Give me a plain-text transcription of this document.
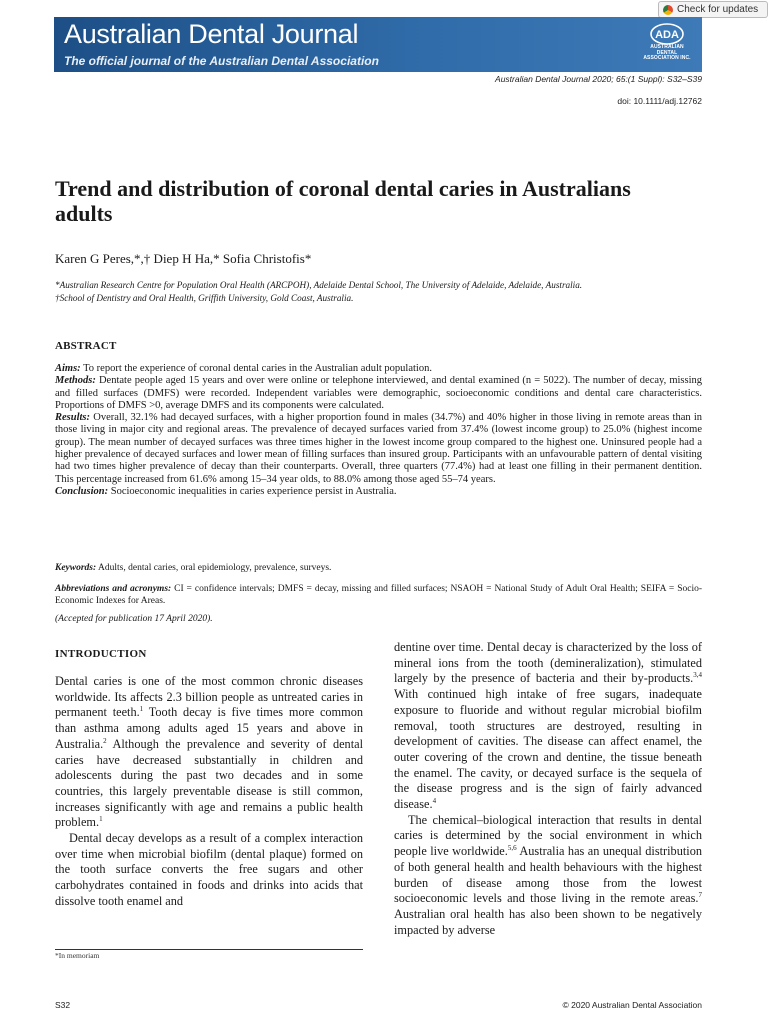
Check for updates
Australian Dental Journal
The official journal of the Australian Dental Association
ADA
AUSTRALIAN DENTAL
ASSOCIATION INC.
Australian Dental Journal 2020; 65:(1 Suppl): S32–S39
doi: 10.1111/adj.12762
Trend and distribution of coronal dental caries in Australians adults
Karen G Peres,*,† Diep H Ha,* Sofia Christofis*
*Australian Research Centre for Population Oral Health (ARCPOH), Adelaide Dental School, The University of Adelaide, Adelaide, Australia.
†School of Dentistry and Oral Health, Griffith University, Gold Coast, Australia.
ABSTRACT

Aims: To report the experience of coronal dental caries in the Australian adult population.

Methods: Dentate people aged 15 years and over were online or telephone interviewed, and dental examined (n = 5022). The number of decay, missing and filled surfaces (DMFS) were recorded. Independent variables were demographic, socioeconomic conditions and dental care characteristics. Proportions of DMFS >0, average DMFS and its components were calculated.

Results: Overall, 32.1% had decayed surfaces, with a higher proportion found in males (34.7%) and 40% higher in those living in remote areas than in those living in major city and regional areas. The prevalence of decayed surfaces varied from 37.4% (lowest income group) to 25.0% (highest income group). The mean number of decayed surfaces was three times higher in the lowest income group compared to the highest one. Uninsured people had a higher prevalence of decayed surfaces and lower mean of filling surfaces than insured group. Participants with an unfavourable pattern of dental visiting had two times higher prevalence of decay than their counterparts. Overall, three quarters (77.4%) had at least one filling in their permanent dentition. This percentage increased from 61.6% among 15–34 year olds, to 88.0% among those aged 55–74 years.

Conclusion: Socioeconomic inequalities in caries experience persist in Australia.

Keywords: Adults, dental caries, oral epidemiology, prevalence, surveys.
Abbreviations and acronyms: CI = confidence intervals; DMFS = decay, missing and filled surfaces; NSAOH = National Study of Adult Oral Health; SEIFA = Socio-Economic Indexes for Areas.
(Accepted for publication 17 April 2020).
INTRODUCTION

Dental caries is one of the most common chronic diseases worldwide. Its affects 2.3 billion people as untreated caries in permanent teeth.$^1$ Tooth decay is five times more common than asthma among adults aged 15 years and above in Australia.$^2$ Although the prevalence and severity of dental caries have decreased substantially in children and adolescents during the past two decades and in some countries, this largely preventable disease is still common, increases significantly with age and remains a public health problem.$^1$

Dental decay develops as a result of a complex interaction over time when microbial biofilm (dental plaque) formed on the tooth surface converts the free sugars and other carbohydrates contained in foods and drinks into acids that dissolve tooth enamel and

dentine over time. Dental decay is characterized by the loss of mineral ions from the tooth (demineralization), stimulated largely by the presence of bacteria and their by-products.$^{3,4}$ With continued high intake of free sugars, inadequate exposure to fluoride and without regular microbial biofilm removal, tooth structures are destroyed, resulting in development of cavities. The disease can affect enamel, the outer covering of the crown and dentine, the tissue beneath the enamel. The cavity, or decayed surface is the sequela of the disease progress and is the sign of fairly advanced disease.$^4$

The chemical–biological interaction that results in dental caries is determined by the social environment in which people live worldwide.$^{5,6}$ Australia has an unequal distribution of both general health and health behaviours with the highest burden of disease among those from the lowest socioeconomic levels and those living in the remote areas.$^7$ Australian oral health has also been shown to be negatively impacted by adverse

*In memoriam
S32	© 2020 Australian Dental Association
